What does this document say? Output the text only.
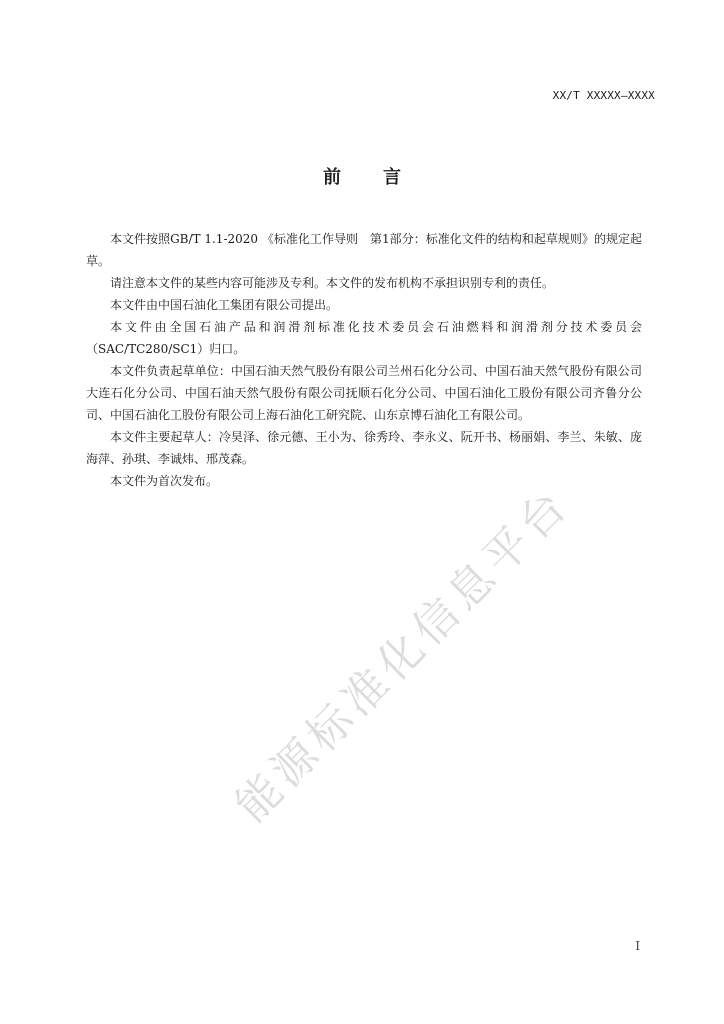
XX/T XXXXX—XXXX
前 言

本文件按照GB/T 1.1-2020 《标准化工作导则　第1部分：标准化文件的结构和起草规则》的规定起草。

请注意本文件的某些内容可能涉及专利。本文件的发布机构不承担识别专利的责任。

本文件由中国石油化工集团有限公司提出。

本文件由全国石油产品和润滑剂标准化技术委员会石油燃料和润滑剂分技术委员会（SAC/TC280/SC1）归口。

本文件负责起草单位：中国石油天然气股份有限公司兰州石化分公司、中国石油天然气股份有限公司大连石化分公司、中国石油天然气股份有限公司抚顺石化分公司、中国石油化工股份有限公司齐鲁分公司、中国石油化工股份有限公司上海石油化工研究院、山东京博石油化工有限公司。

本文件主要起草人：冷昊泽、徐元德、王小为、徐秀玲、李永义、阮开书、杨丽娟、李兰、朱敏、庞海萍、孙琪、李诚炜、邢茂森。

本文件为首次发布。 能源标准化信息平台
I
